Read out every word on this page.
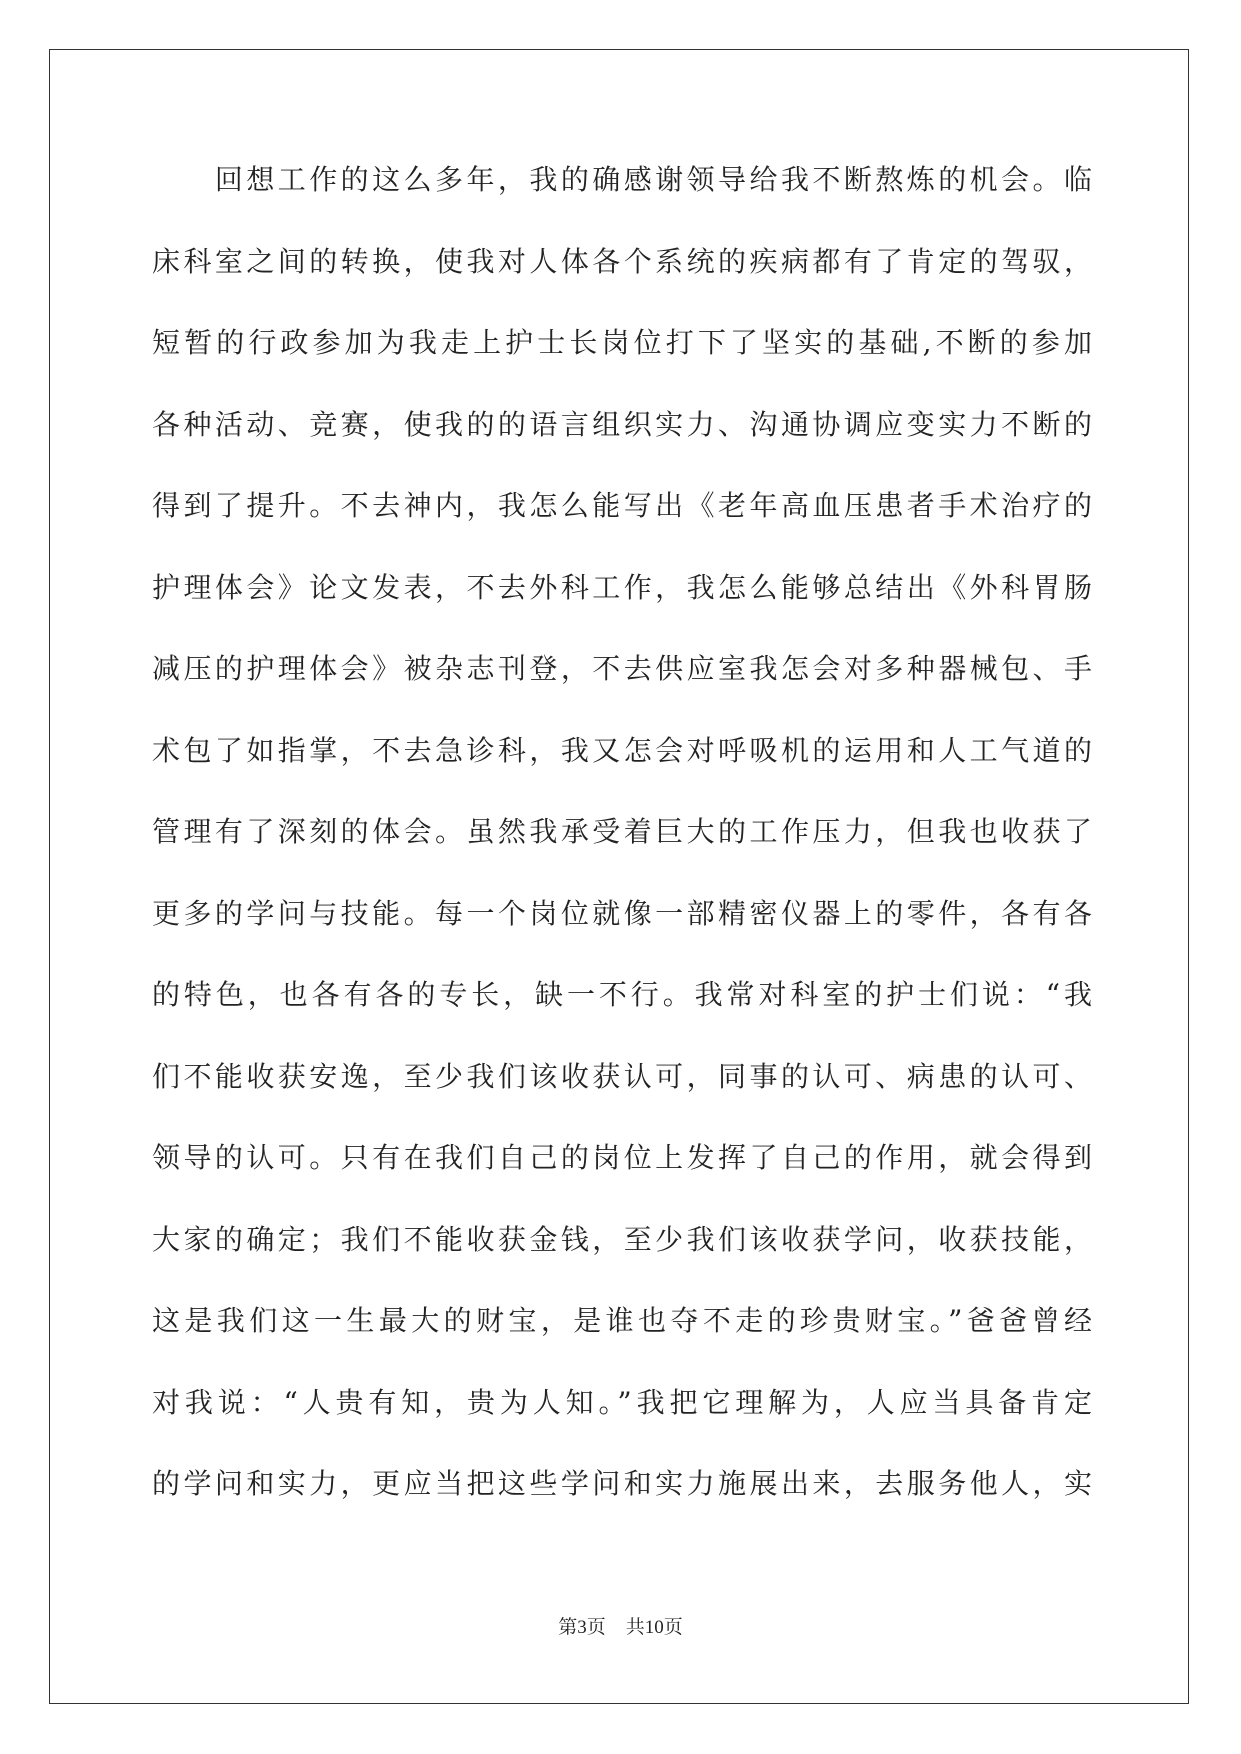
　　回想工作的这么多年，我的确感谢领导给我不断熬炼的机会。临
床科室之间的转换，使我对人体各个系统的疾病都有了肯定的驾驭，
短暂的行政参加为我走上护士长岗位打下了坚实的基础,不断的参加
各种活动、竞赛，使我的的语言组织实力、沟通协调应变实力不断的
得到了提升。不去神内，我怎么能写出《老年高血压患者手术治疗的
护理体会》论文发表，不去外科工作，我怎么能够总结出《外科胃肠
减压的护理体会》被杂志刊登，不去供应室我怎会对多种器械包、手
术包了如指掌，不去急诊科，我又怎会对呼吸机的运用和人工气道的
管理有了深刻的体会。虽然我承受着巨大的工作压力，但我也收获了
更多的学问与技能。每一个岗位就像一部精密仪器上的零件，各有各
的特色，也各有各的专长，缺一不行。我常对科室的护士们说：“我
们不能收获安逸，至少我们该收获认可，同事的认可、病患的认可、
领导的认可。只有在我们自己的岗位上发挥了自己的作用，就会得到
大家的确定；我们不能收获金钱，至少我们该收获学问，收获技能，
这是我们这一生最大的财宝，是谁也夺不走的珍贵财宝。”爸爸曾经
对我说：“人贵有知，贵为人知。”我把它理解为，人应当具备肯定
的学问和实力，更应当把这些学问和实力施展出来，去服务他人，实
第3页 共10页
